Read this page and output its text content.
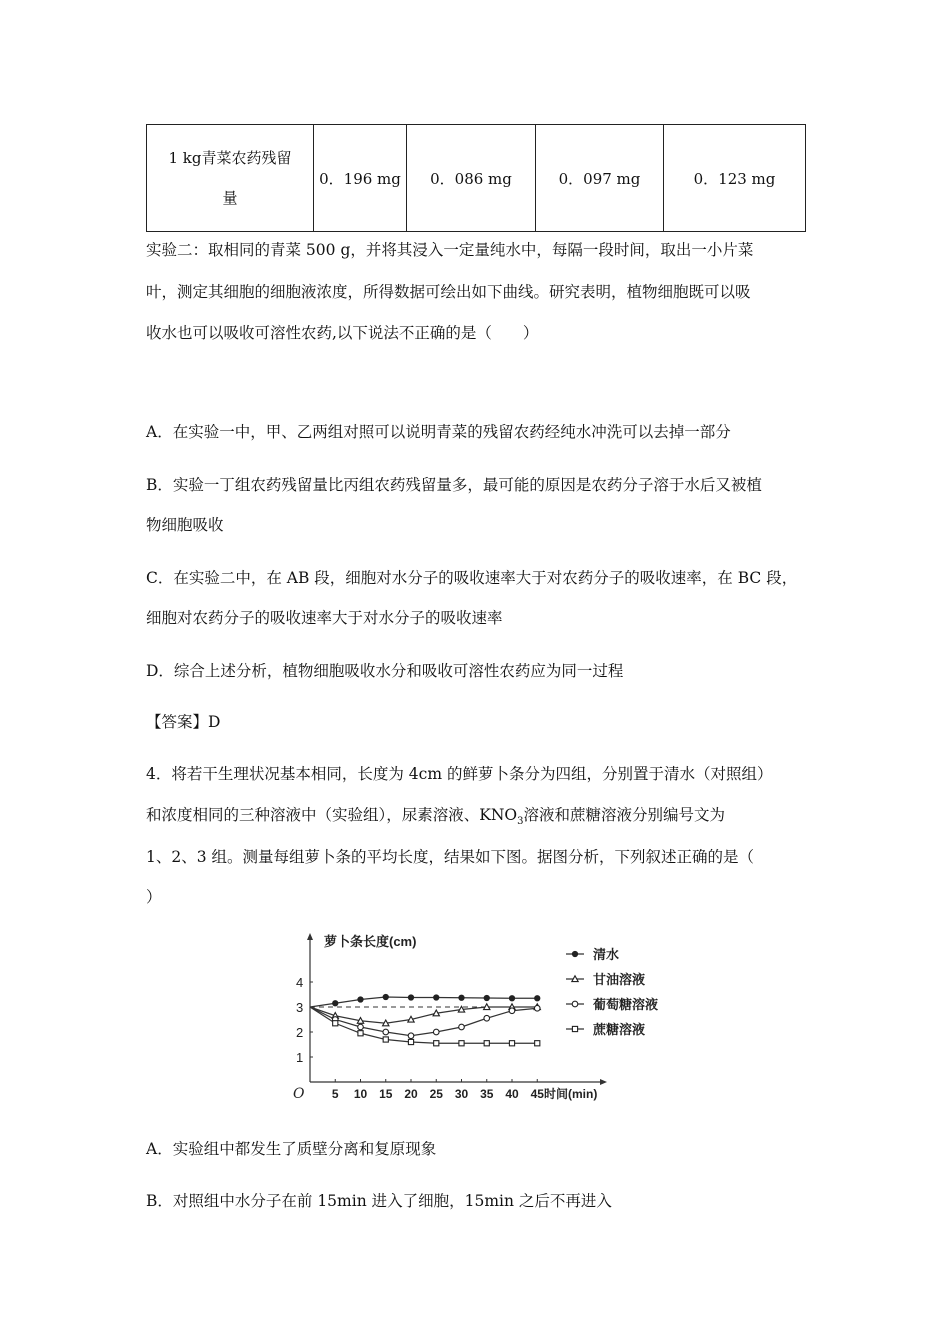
1 kg青菜农药残留
量
	0．196 mg	0．086 mg	0．097 mg	0．123 mg
实验二：取相同的青菜 500 g，并将其浸入一定量纯水中，每隔一段时间，取出一小片菜
叶，测定其细胞的细胞液浓度，所得数据可绘出如下曲线。研究表明，植物细胞既可以吸
收水也可以吸收可溶性农药,以下说法不正确的是（　　）
A．在实验一中，甲、乙两组对照可以说明青菜的残留农药经纯水冲洗可以去掉一部分
B．实验一丁组农药残留量比丙组农药残留量多，最可能的原因是农药分子溶于水后又被植
物细胞吸收
C．在实验二中，在 AB 段，细胞对水分子的吸收速率大于对农药分子的吸收速率，在 BC 段，
细胞对农药分子的吸收速率大于对水分子的吸收速率
D．综合上述分析，植物细胞吸收水分和吸收可溶性农药应为同一过程
【答案】D
4．将若干生理状况基本相同，长度为 4cm 的鲜萝卜条分为四组，分别置于清水（对照组）
和浓度相同的三种溶液中（实验组），尿素溶液、$KNO_3$溶液和蔗糖溶液分别编号文为
1、2、3 组。测量每组萝卜条的平均长度，结果如下图。据图分析，下列叙述正确的是（
）
萝卜条长度(cm)
时间(min)
O
1
2
3
4
5 10 15 20 25 30 35 40 45
清水
甘油溶液
葡萄糖溶液
蔗糖溶液
A．实验组中都发生了质壁分离和复原现象
B．对照组中水分子在前 15min 进入了细胞，15min 之后不再进入
